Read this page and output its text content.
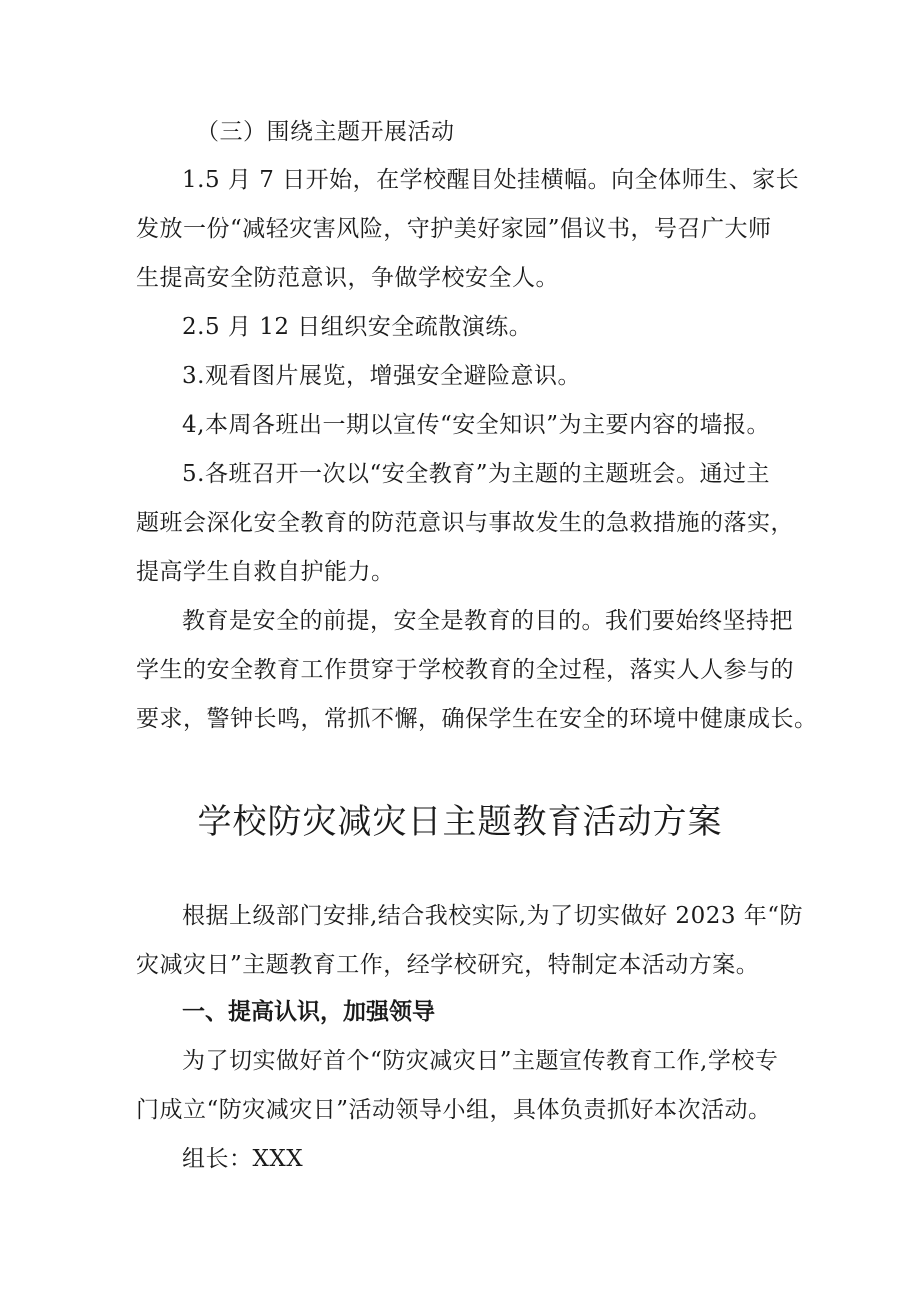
（三）围绕主题开展活动
1.5 月 7 日开始，在学校醒目处挂横幅。向全体师生、家长
发放一份“减轻灾害风险，守护美好家园”倡议书，号召广大师
生提高安全防范意识，争做学校安全人。
2.5 月 12 日组织安全疏散演练。
3.观看图片展览，增强安全避险意识。
4,本周各班出一期以宣传“安全知识”为主要内容的墙报。
5.各班召开一次以“安全教育”为主题的主题班会。通过主
题班会深化安全教育的防范意识与事故发生的急救措施的落实，
提高学生自救自护能力。
教育是安全的前提，安全是教育的目的。我们要始终坚持把
学生的安全教育工作贯穿于学校教育的全过程，落实人人参与的
要求，警钟长鸣，常抓不懈，确保学生在安全的环境中健康成长。
学校防灾减灾日主题教育活动方案
根据上级部门安排,结合我校实际,为了切实做好 2023 年“防
灾减灾日”主题教育工作，经学校研究，特制定本活动方案。
一、提高认识，加强领导
为了切实做好首个“防灾减灾日”主题宣传教育工作,学校专
门成立“防灾减灾日”活动领导小组，具体负责抓好本次活动。
组长：XXX
